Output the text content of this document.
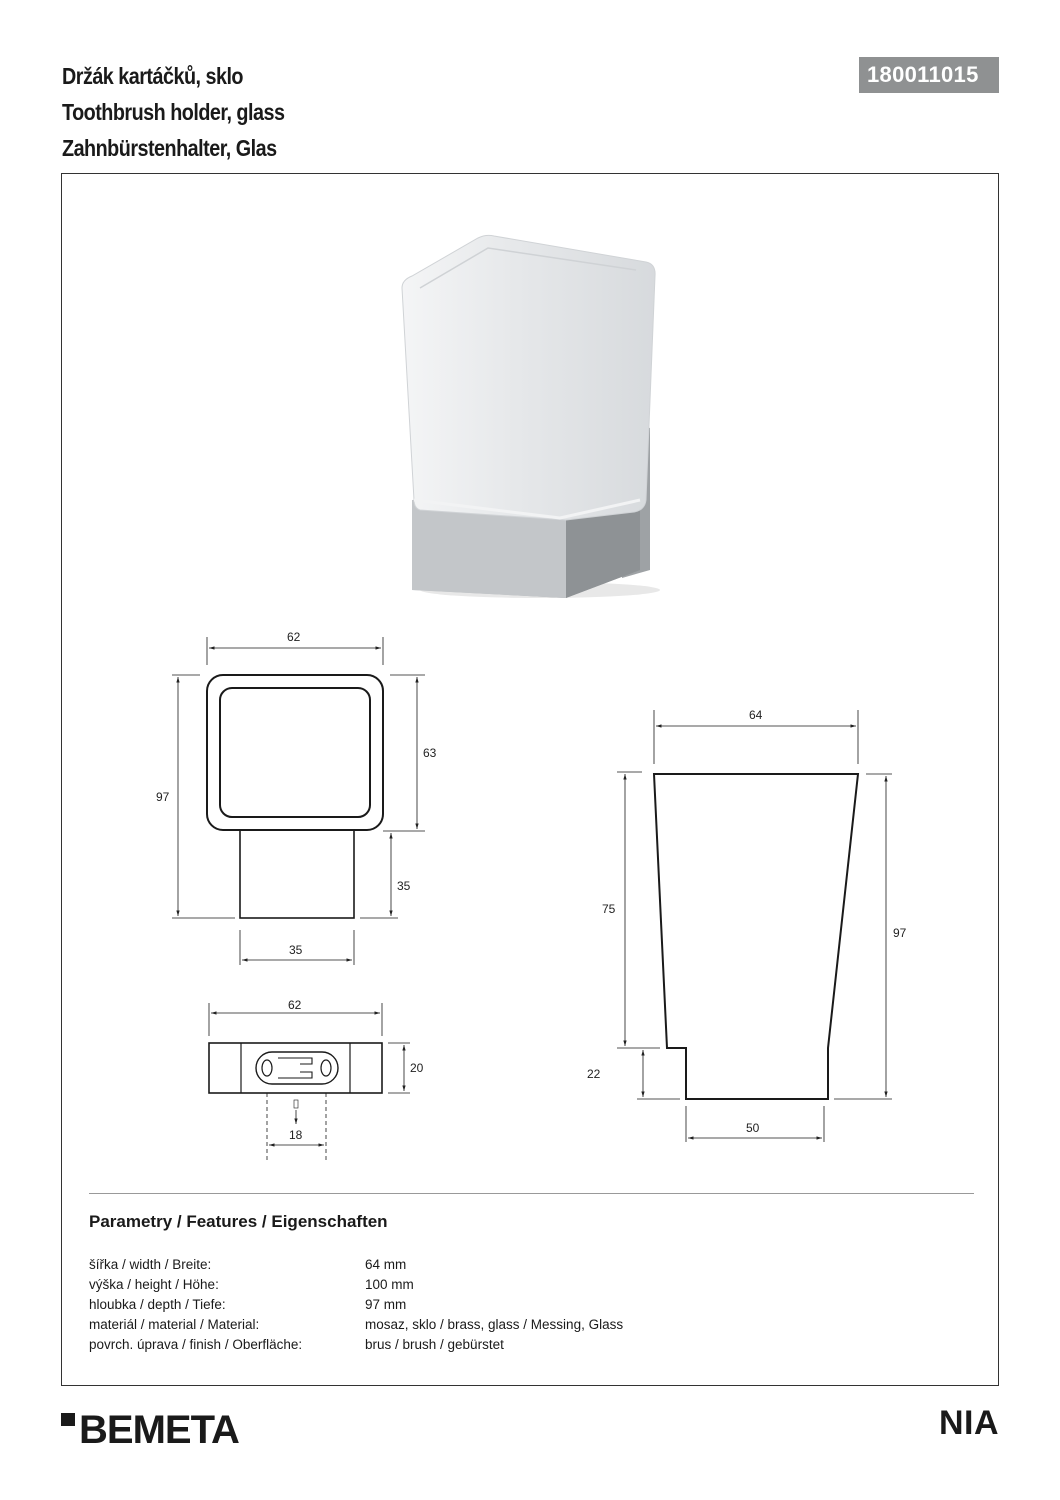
Držák kartáčků, sklo
Toothbrush holder, glass
Zahnbürstenhalter, Glas
180011015
62
97
63
35
35
62
20
18
64
75
22
97
50
Parametry / Features / Eigenschaften
šířka / width / Breite:	64 mm
výška / height / Höhe:	100 mm
hloubka / depth / Tiefe:	97 mm
materiál / material / Material:	mosaz, sklo / brass, glass / Messing, Glass
povrch. úprava / finish / Oberfläche:	brus / brush / gebürstet
BEMETA	NIA
